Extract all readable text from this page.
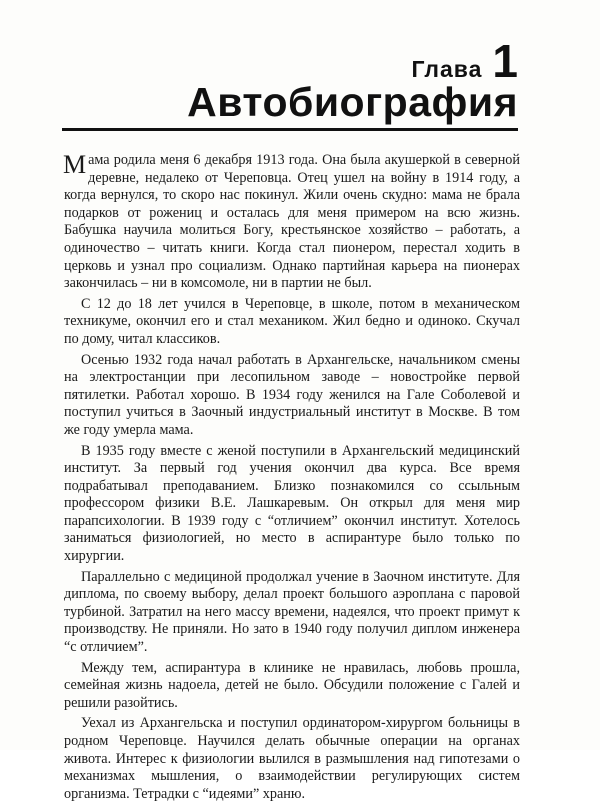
Глава 1
Автобиография

Мама родила меня 6 декабря 1913 года. Она была акушеркой в северной деревне, недалеко от Череповца. Отец ушел на войну в 1914 году, а когда вернулся, то скоро нас покинул. Жили очень скудно: мама не брала подарков от рожениц и осталась для меня примером на всю жизнь. Бабушка научила молиться Богу, крестьянское хозяйство – работать, а одиночество – читать книги. Когда стал пионером, перестал ходить в церковь и узнал про социализм. Однако партийная карьера на пионерах закончилась – ни в комсомоле, ни в партии не был.

С 12 до 18 лет учился в Череповце, в школе, потом в механическом техникуме, окончил его и стал механиком. Жил бедно и одиноко. Скучал по дому, читал классиков.

Осенью 1932 года начал работать в Архангельске, начальником смены на электростанции при лесопильном заводе – новостройке первой пятилетки. Работал хорошо. В 1934 году женился на Гале Соболевой и поступил учиться в Заочный индустриальный институт в Москве. В том же году умерла мама.

В 1935 году вместе с женой поступили в Архангельский медицинский институт. За первый год учения окончил два курса. Все время подрабатывал преподаванием. Близко познакомился со ссыльным профессором физики В.Е. Лашкаревым. Он открыл для меня мир парапсихологии. В 1939 году с “отличием” окончил институт. Хотелось заниматься физиологией, но место в аспирантуре было только по хирургии.

Параллельно с медициной продолжал учение в Заочном институте. Для диплома, по своему выбору, делал проект большого аэроплана с паровой турбиной. Затратил на него массу времени, надеялся, что проект примут к производству. Не приняли. Но зато в 1940 году получил диплом инженера “с отличием”.

Между тем, аспирантура в клинике не нравилась, любовь прошла, семейная жизнь надоела, детей не было. Обсудили положение с Галей и решили разойтись.

Уехал из Архангельска и поступил ординатором-хирургом больницы в родном Череповце. Научился делать обычные операции на органах живота. Интерес к физиологии вылился в размышления над гипотезами о механизмах мышления, о взаимодействии регулирующих систем организма. Тетрадки с “идеями” храню.
